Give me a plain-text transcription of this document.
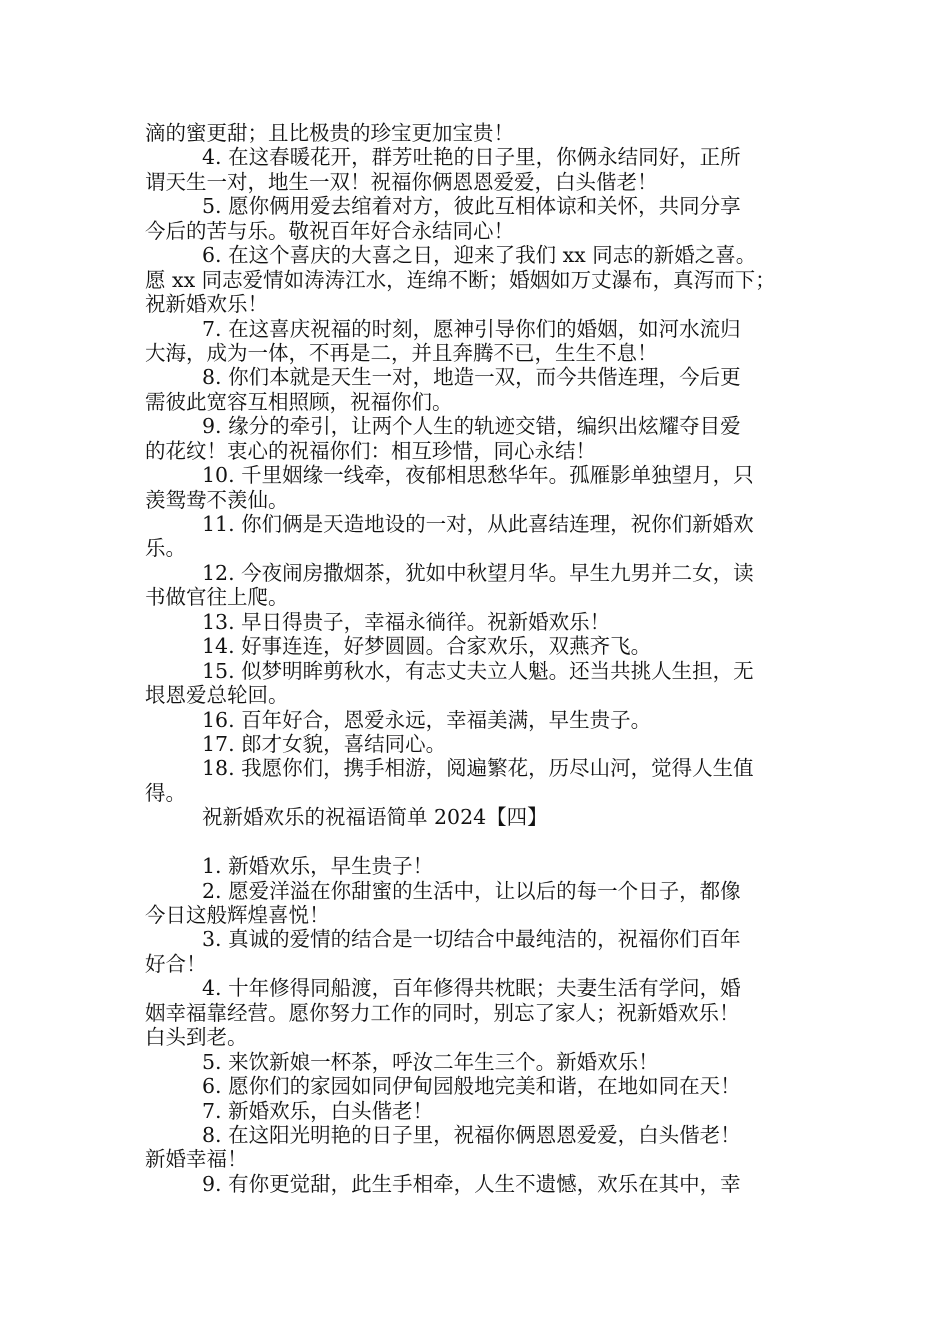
滴的蜜更甜；且比极贵的珍宝更加宝贵！
4. 在这春暖花开，群芳吐艳的日子里，你俩永结同好，正所
谓天生一对，地生一双！祝福你俩恩恩爱爱，白头偕老！
5. 愿你俩用爱去绾着对方，彼此互相体谅和关怀，共同分享
今后的苦与乐。敬祝百年好合永结同心！
6. 在这个喜庆的大喜之日，迎来了我们 xx 同志的新婚之喜。
愿 xx 同志爱情如涛涛江水，连绵不断；婚姻如万丈瀑布，真泻而下；
祝新婚欢乐！
7. 在这喜庆祝福的时刻，愿神引导你们的婚姻，如河水流归
大海，成为一体，不再是二，并且奔腾不已，生生不息！
8. 你们本就是天生一对，地造一双，而今共偕连理，今后更
需彼此宽容互相照顾，祝福你们。
9. 缘分的牵引，让两个人生的轨迹交错，编织出炫耀夺目爱
的花纹！衷心的祝福你们：相互珍惜，同心永结！
10. 千里姻缘一线牵，夜郁相思愁华年。孤雁影单独望月，只
羡鸳鸯不羡仙。
11. 你们俩是天造地设的一对，从此喜结连理，祝你们新婚欢
乐。
12. 今夜闹房撒烟茶，犹如中秋望月华。早生九男并二女，读
书做官往上爬。
13. 早日得贵子，幸福永徜徉。祝新婚欢乐！
14. 好事连连，好梦圆圆。合家欢乐，双燕齐飞。
15. 似梦明眸剪秋水，有志丈夫立人魁。还当共挑人生担，无
垠恩爱总轮回。
16. 百年好合，恩爱永远，幸福美满，早生贵子。
17. 郎才女貌，喜结同心。
18. 我愿你们，携手相游，阅遍繁花，历尽山河，觉得人生值
得。
祝新婚欢乐的祝福语简单 2024【四】
1. 新婚欢乐，早生贵子！
2. 愿爱洋溢在你甜蜜的生活中，让以后的每一个日子，都像
今日这般辉煌喜悦！
3. 真诚的爱情的结合是一切结合中最纯洁的，祝福你们百年
好合！
4. 十年修得同船渡，百年修得共枕眠；夫妻生活有学问，婚
姻幸福靠经营。愿你努力工作的同时，别忘了家人；祝新婚欢乐！
白头到老。
5. 来饮新娘一杯茶，呼汝二年生三个。新婚欢乐！
6. 愿你们的家园如同伊甸园般地完美和谐，在地如同在天！
7. 新婚欢乐，白头偕老！
8. 在这阳光明艳的日子里，祝福你俩恩恩爱爱，白头偕老！
新婚幸福！
9. 有你更觉甜，此生手相牵，人生不遗憾，欢乐在其中，幸
